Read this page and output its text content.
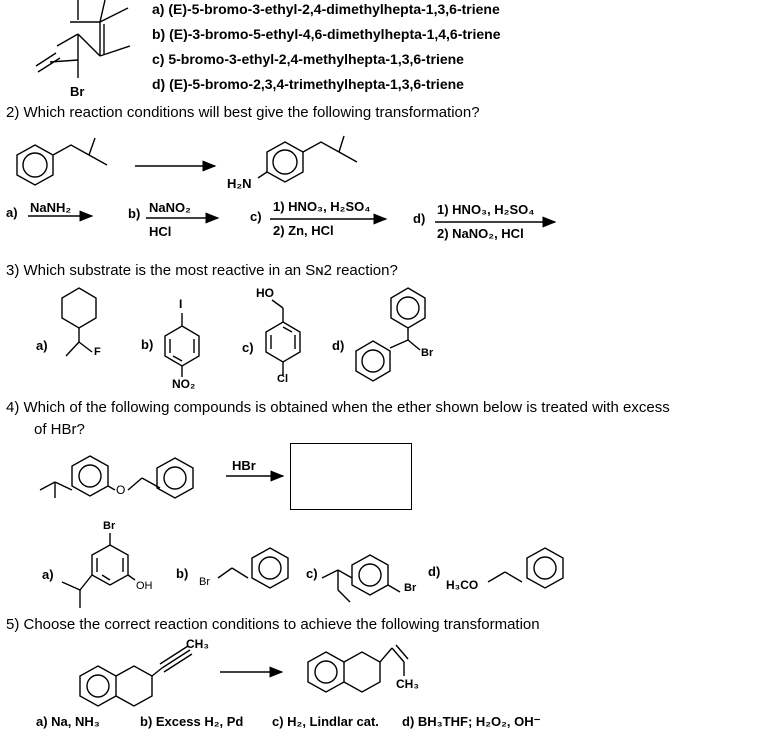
a) (E)-5-bromo-3-ethyl-2,4-dimethylhepta-1,3,6-triene
b) (E)-3-bromo-5-ethyl-4,6-dimethylhepta-1,4,6-triene
c) 5-bromo-3-ethyl-2,4-methylhepta-1,3,6-triene
d) (E)-5-bromo-2,3,4-trimethylhepta-1,3,6-triene
Br
2) Which reaction conditions will best give the following transformation?
H₂N
a) NaNH₂	b) NaNO₂
HCl
c)
1) HNO₃, H₂SO₄
2) Zn, HCl
d)
1) HNO₃, H₂SO₄
2) NaNO₂, HCl
3) Which substrate is the most reactive in an Sɴ2 reaction?
a)	F	b)
I
NO₂
c)
HO
Cl
d)	Br
4) Which of the following compounds is obtained when the ether shown below is treated with excess
of HBr?
O
HBr
a)
Br
OH
b)
Br
c)
Br
d)
H₃CO
5) Choose the correct reaction conditions to achieve the following transformation
CH₃
CH₃
a) Na, NH₃	b) Excess H₂, Pd c) H₂, Lindlar cat. d) BH₃THF; H₂O₂, OH⁻
